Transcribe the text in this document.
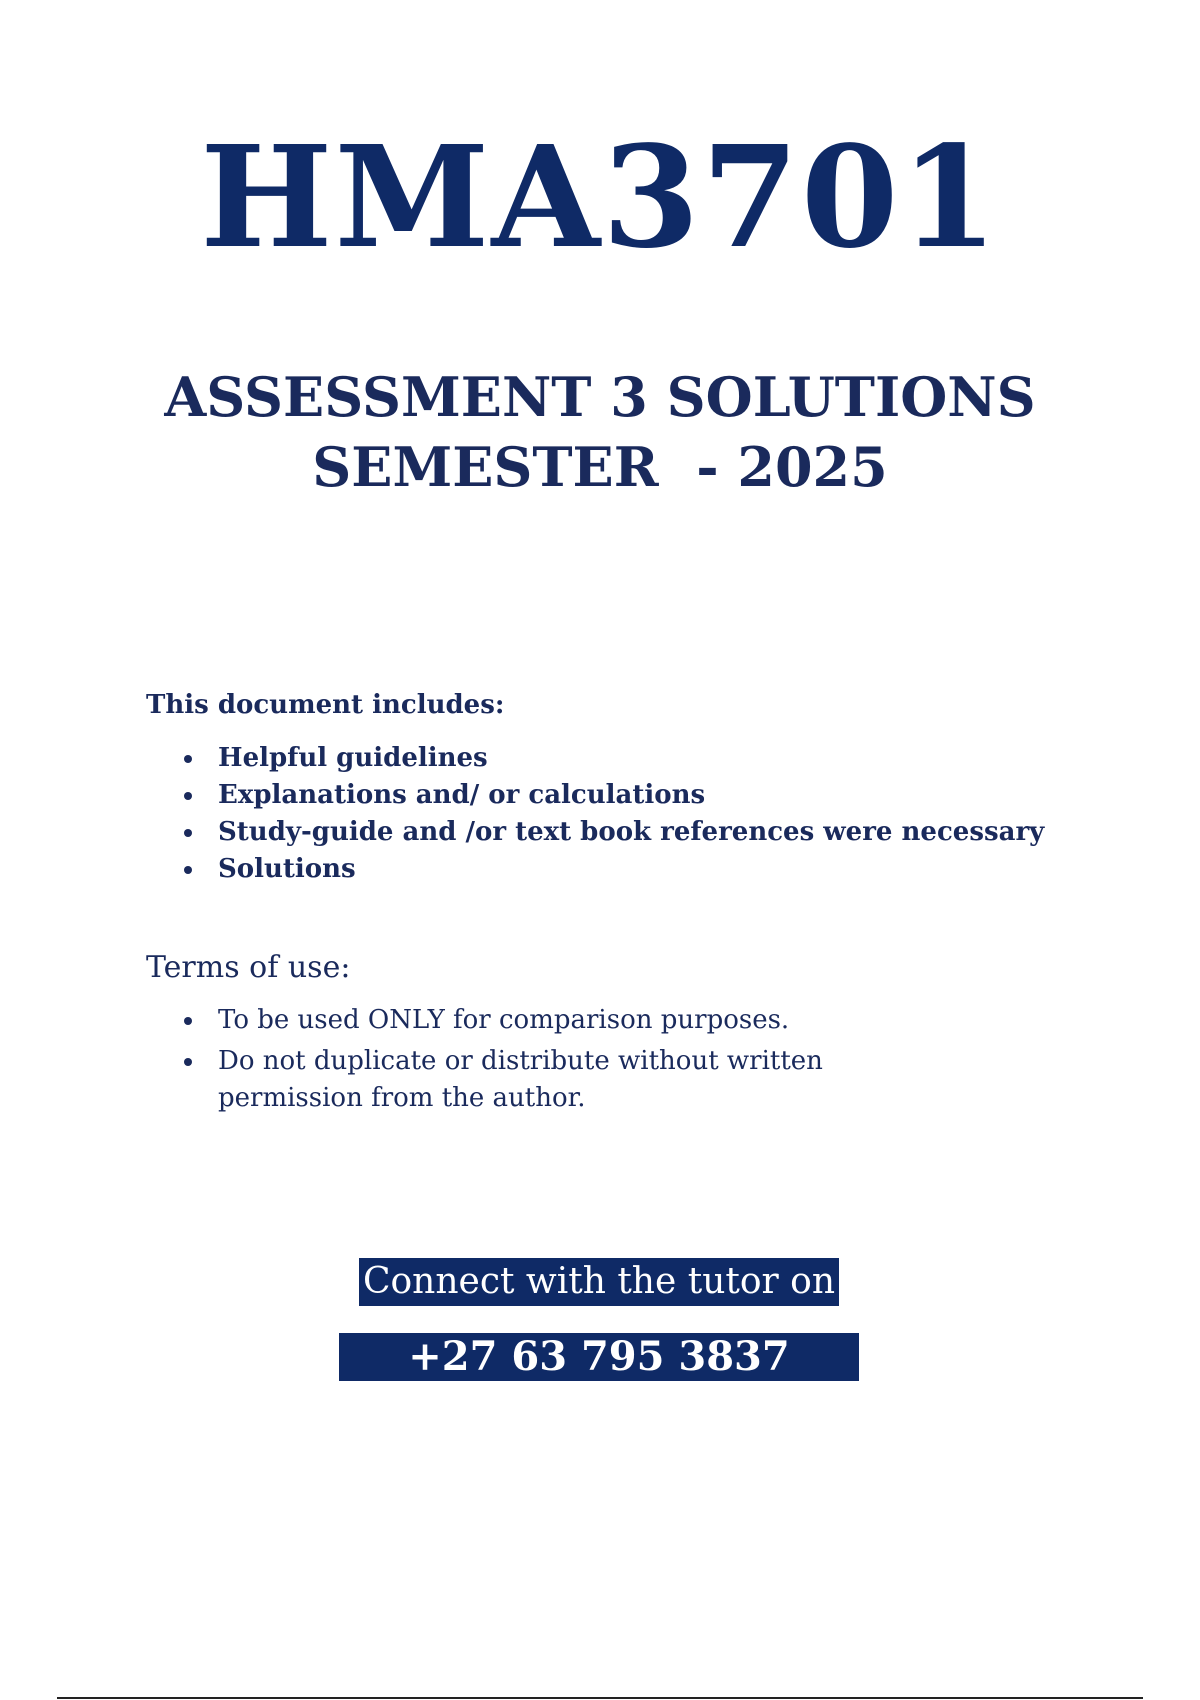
HMA3701
ASSESSMENT 3 SOLUTIONS
SEMESTER  - 2025
This document includes:
Helpful guidelines
Explanations and/ or calculations
Study-guide and /or text book references were necessary
Solutions
Terms of use:
To be used ONLY for comparison purposes.
Do not duplicate or distribute without written permission from the author.
Connect with the tutor on
+27 63 795 3837
